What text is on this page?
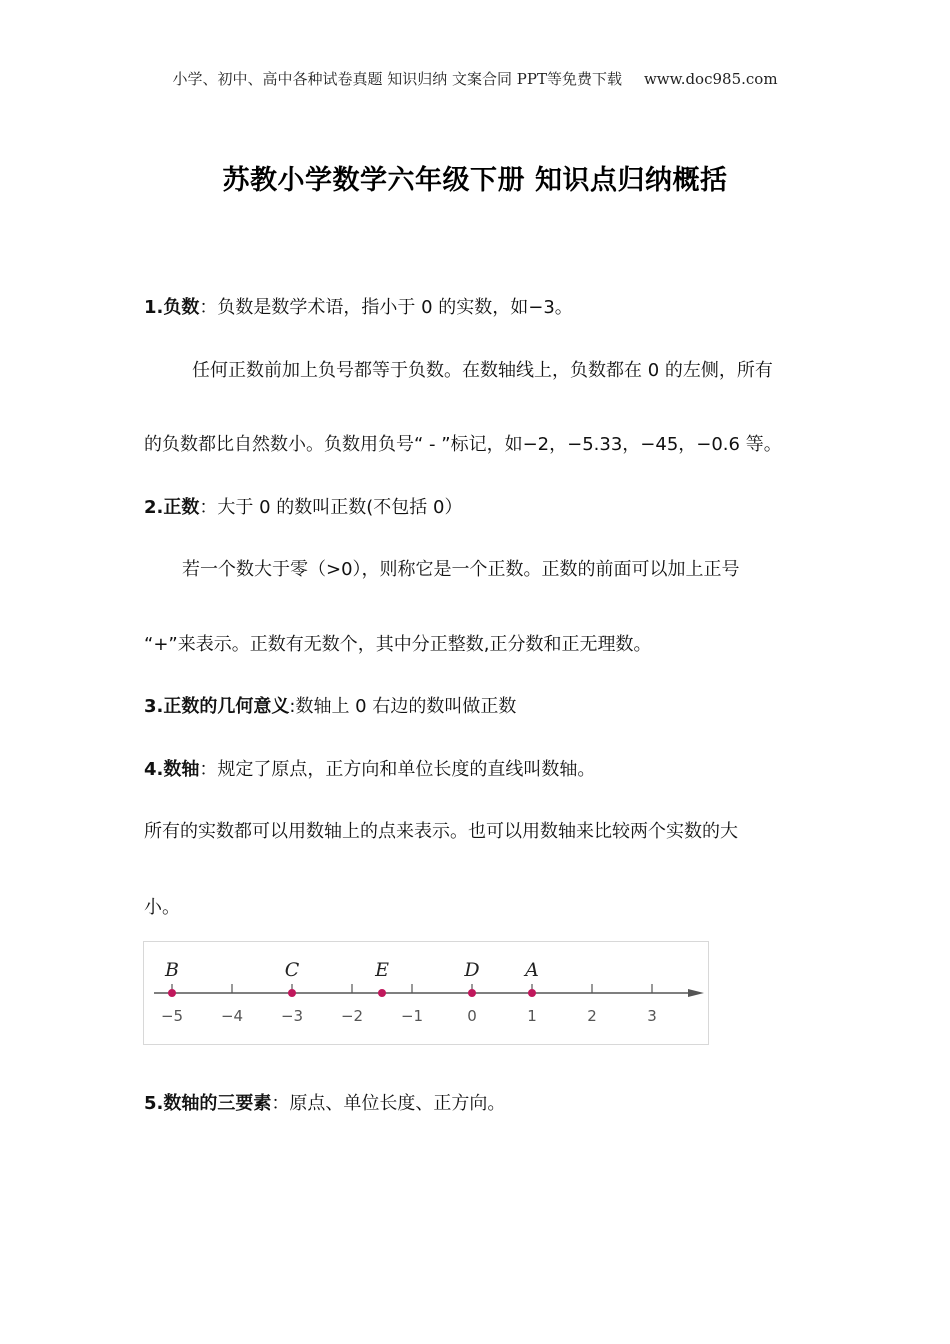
小学、初中、高中各种试卷真题 知识归纳 文案合同 PPT等免费下载 www.doc985.com
苏教小学数学六年级下册 知识点归纳概括
1.负数：负数是数学术语，指小于 0 的实数，如−3。
任何正数前加上负号都等于负数。在数轴线上，负数都在 0 的左侧，所有
的负数都比自然数小。负数用负号“ - ”标记，如−2，−5.33，−45，−0.6 等。
2.正数：大于 0 的数叫正数(不包括 0）
若一个数大于零（>0），则称它是一个正数。正数的前面可以加上正号
“+”来表示。正数有无数个，其中分正整数,正分数和正无理数。
3.正数的几何意义:数轴上 0 右边的数叫做正数
4.数轴：规定了原点，正方向和单位长度的直线叫数轴。
所有的实数都可以用数轴上的点来表示。也可以用数轴来比较两个实数的大
小。
−5	−4	−3	−2	−1	0	1	2	3
B	C	E	D A
5.数轴的三要素：原点、单位长度、正方向。
